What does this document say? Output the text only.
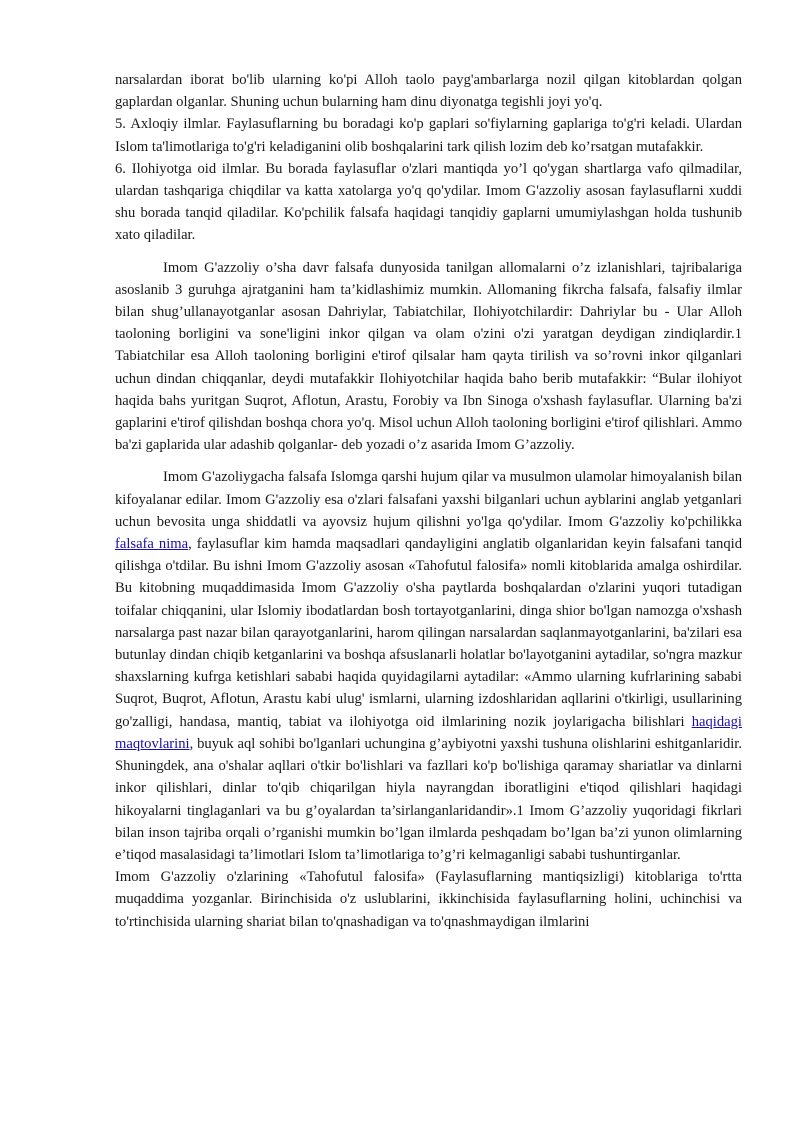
narsalardan iborat bo'lib ularning ko'pi Alloh taolo payg'ambarlarga nozil qilgan kitoblardan qolgan gaplardan olganlar. Shuning uchun bularning ham dinu diyonatga tegishli joyi yo'q.

5. Axloqiy ilmlar. Faylasuflarning bu boradagi ko'p gaplari so'fiylarning gaplariga to'g'ri keladi. Ulardan Islom ta'limotlariga to'g'ri keladiganini olib boshqalarini tark qilish lozim deb ko’rsatgan mutafakkir.

6. Ilohiyotga oid ilmlar. Bu borada faylasuflar o'zlari mantiqda yo’l qo'ygan shartlarga vafo qilmadilar, ulardan tashqariga chiqdilar va katta xatolarga yo'q qo'ydilar. Imom G'azzoliy asosan faylasuflarni xuddi shu borada tanqid qiladilar. Ko'pchilik falsafa haqidagi tanqidiy gaplarni umumiylashgan holda tushunib xato qiladilar.

Imom G'azzoliy o’sha davr falsafa dunyosida tanilgan allomalarni o’z izlanishlari, tajribalariga asoslanib 3 guruhga ajratganini ham ta’kidlashimiz mumkin. Allomaning fikrcha falsafa, falsafiy ilmlar bilan shug’ullanayotganlar asosan Dahriylar, Tabiatchilar, Ilohiyotchilardir: Dahriylar bu - Ular Alloh taoloning borligini va sone'ligini inkor qilgan va olam o'zini o'zi yaratgan deydigan zindiqlardir.1 Tabiatchilar esa Alloh taoloning borligini e'tirof qilsalar ham qayta tirilish va so’rovni inkor qilganlari uchun dindan chiqqanlar, deydi mutafakkir Ilohiyotchilar haqida baho berib mutafakkir: “Bular ilohiyot haqida bahs yuritgan Suqrot, Aflotun, Arastu, Forobiy va Ibn Sinoga o'xshash faylasuflar. Ularning ba'zi gaplarini e'tirof qilishdan boshqa chora yo'q. Misol uchun Alloh taoloning borligini e'tirof qilishlari. Ammo ba'zi gaplarida ular adashib qolganlar- deb yozadi o’z asarida Imom G’azzoliy.

Imom G'azoliygacha falsafa Islomga qarshi hujum qilar va musulmon ulamolar himoyalanish bilan kifoyalanar edilar. Imom G'azzoliy esa o'zlari falsafani yaxshi bilganlari uchun ayblarini anglab yetganlari uchun bevosita unga shiddatli va ayovsiz hujum qilishni yo'lga qo'ydilar. Imom G'azzoliy ko'pchilikka falsafa nima, faylasuflar kim hamda maqsadlari qandayligini anglatib olganlaridan keyin falsafani tanqid qilishga o'tdilar. Bu ishni Imom G'azzoliy asosan «Tahofutul falosifa» nomli kitoblarida amalga oshirdilar. Bu kitobning muqaddimasida Imom G'azzoliy o'sha paytlarda boshqalardan o'zlarini yuqori tutadigan toifalar chiqqanini, ular Islomiy ibodatlardan bosh tortayotganlarini, dinga shior bo'lgan namozga o'xshash narsalarga past nazar bilan qarayotganlarini, harom qilingan narsalardan saqlanmayotganlarini, ba'zilari esa butunlay dindan chiqib ketganlarini va boshqa afsuslanarli holatlar bo'layotganini aytadilar, so'ngra mazkur shaxslarning kufrga ketishlari sababi haqida quyidagilarni aytadilar: «Ammo ularning kufrlarining sababi Suqrot, Buqrot, Aflotun, Arastu kabi ulug' ismlarni, ularning izdoshlaridan aqllarini o'tkirligi, usullarining go'zalligi, handasa, mantiq, tabiat va ilohiyotga oid ilmlarining nozik joylarigacha bilishlari haqidagi maqtovlarini, buyuk aql sohibi bo'lganlari uchungina g’aybiyotni yaxshi tushuna olishlarini eshitganlaridir. Shuningdek, ana o'shalar aqllari o'tkir bo'lishlari va fazllari ko'p bo'lishiga qaramay shariatlar va dinlarni inkor qilishlari, dinlar to'qib chiqarilgan hiyla nayrangdan iboratligini e'tiqod qilishlari haqidagi hikoyalarni tinglaganlari va bu g’oyalardan ta’sirlanganlaridandir».1 Imom G’azzoliy yuqoridagi fikrlari bilan inson tajriba orqali o’rganishi mumkin bo’lgan ilmlarda peshqadam bo’lgan ba’zi yunon olimlarning e’tiqod masalasidagi ta’limotlari Islom ta’limotlariga to’g’ri kelmaganligi sababi tushuntirganlar.

Imom G'azzoliy o'zlarining «Tahofutul falosifa» (Faylasuflarning mantiqsizligi) kitoblariga to'rtta muqaddima yozganlar. Birinchisida o'z uslublarini, ikkinchisida faylasuflarning holini, uchinchisi va to'rtinchisida ularning shariat bilan to'qnashadigan va to'qnashmaydigan ilmlarini
